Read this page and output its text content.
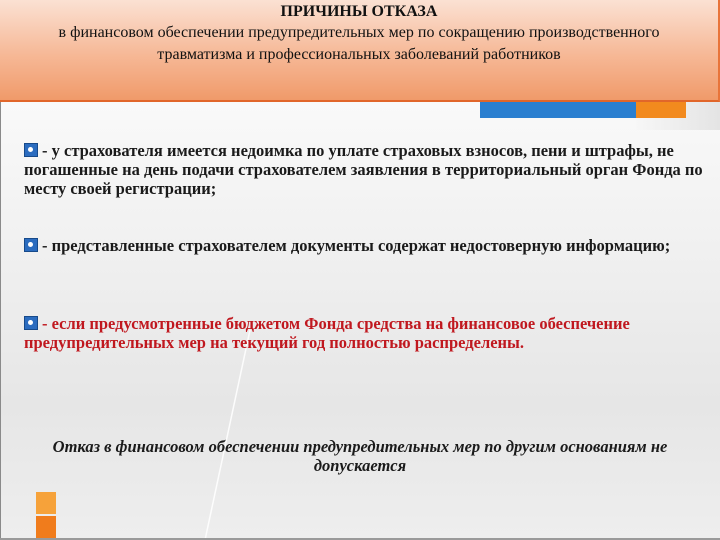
ПРИЧИНЫ ОТКАЗА
в финансовом обеспечении предупредительных мер по сокращению производственного травматизма и профессиональных заболеваний работников
- у страхователя имеется недоимка по уплате страховых взносов, пени и штрафы, не погашенные на день подачи страхователем заявления в территориальный орган Фонда по месту своей регистрации;
- представленные страхователем документы содержат недостоверную информацию;
- если предусмотренные бюджетом Фонда средства на финансовое обеспечение предупредительных мер на текущий год полностью распределены.
Отказ в финансовом обеспечении предупредительных мер по другим основаниям не допускается
